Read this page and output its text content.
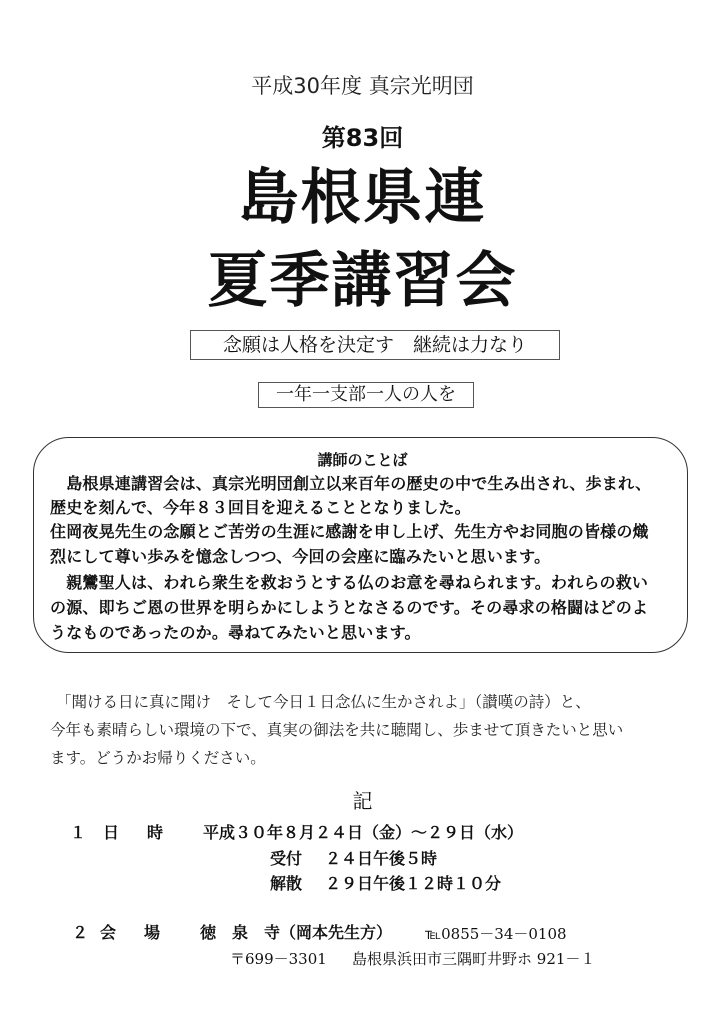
平成30年度 真宗光明団
第83回
島根県連
夏季講習会
念願は人格を決定す　継続は力なり
一年一支部一人の人を
講師のことば
　島根県連講習会は、真宗光明団創立以来百年の歴史の中で生み出され、歩まれ、
歴史を刻んで、今年８３回目を迎えることとなりました。
住岡夜晃先生の念願とご苦労の生涯に感謝を申し上げ、先生方やお同胞の皆様の熾
烈にして尊い歩みを憶念しつつ、今回の会座に臨みたいと思います。
　親鸞聖人は、われら衆生を救おうとする仏のお意を尋ねられます。われらの救い
の源、即ちご恩の世界を明らかにしようとなさるのです。その尋求の格闘はどのよ
うなものであったのか。尋ねてみたいと思います。
「聞ける日に真に聞け　そして今日１日念仏に生かされよ」（讃嘆の詩）と、
今年も素晴らしい環境の下で、真実の御法を共に聴聞し、歩ませて頂きたいと思い
ます。どうかお帰りください。
記
１ 日　時 平成３０年８月２４日（金）～２９日（水）
受付 ２４日午後５時
解散 ２９日午後１２時１０分
２ 会　場 徳　泉　寺（岡本先生方） ℡0855－34－0108
〒699－3301 島根県浜田市三隅町井野ホ 921－１
